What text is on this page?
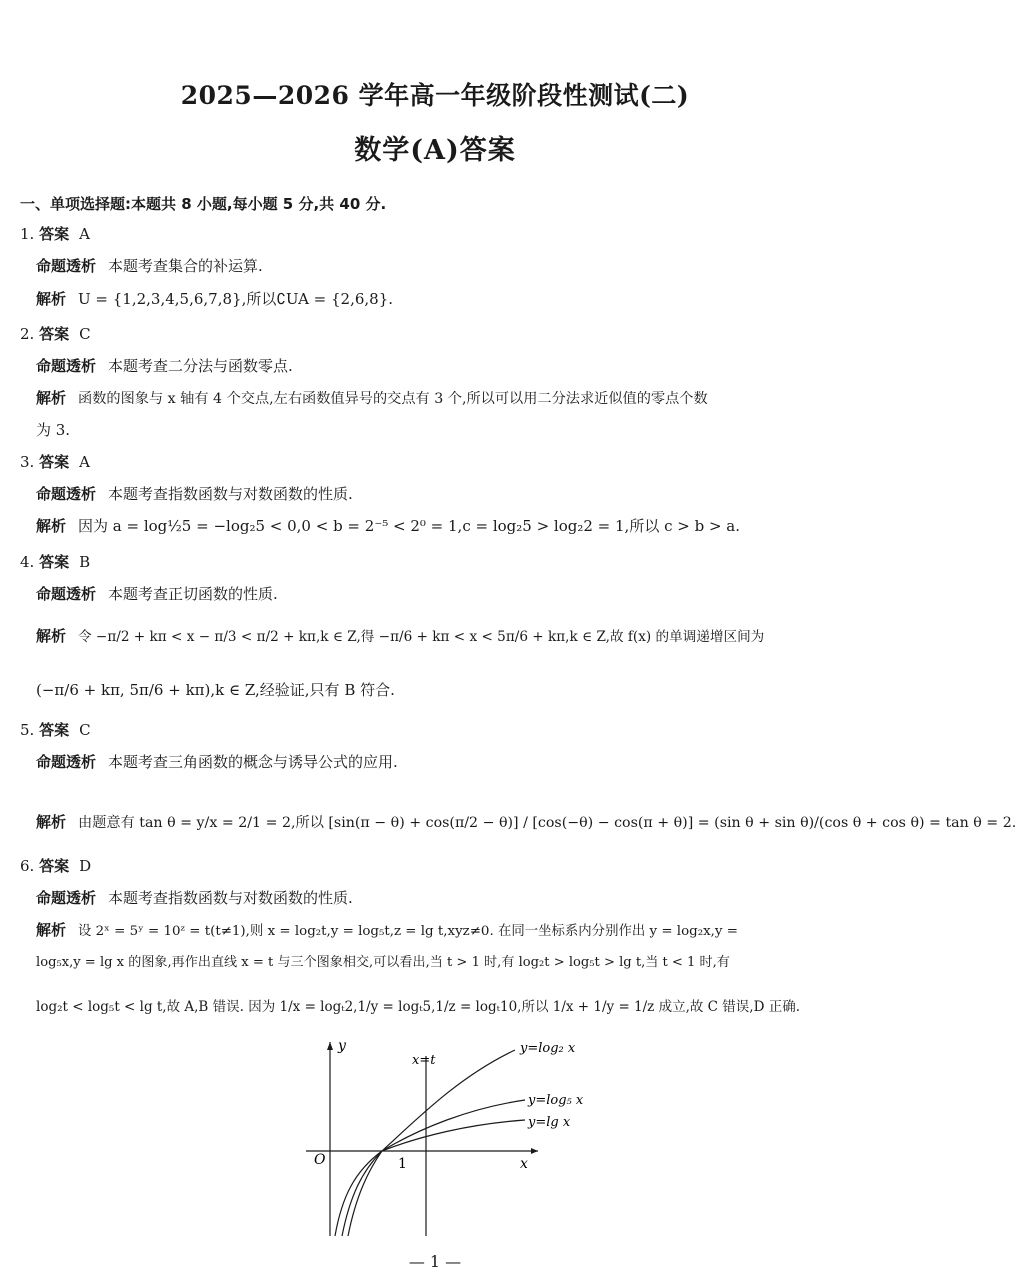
2025—2026 学年高一年级阶段性测试(二)
数学(A)答案
一、单项选择题:本题共 8 小题,每小题 5 分,共 40 分.
1. 答案 A
命题透析 本题考查集合的补运算.
解析 U = {1,2,3,4,5,6,7,8},所以∁UA = {2,6,8}.
2. 答案 C
命题透析 本题考查二分法与函数零点.
解析 函数的图象与 x 轴有 4 个交点,左右函数值异号的交点有 3 个,所以可以用二分法求近似值的零点个数
为 3.
3. 答案 A
命题透析 本题考查指数函数与对数函数的性质.
解析 因为 a = log½5 = −log₂5 < 0,0 < b = 2⁻⁵ < 2⁰ = 1,c = log₂5 > log₂2 = 1,所以 c > b > a.
4. 答案 B
命题透析 本题考查正切函数的性质.
解析 令 −π/2 + kπ < x − π/3 < π/2 + kπ,k ∈ Z,得 −π/6 + kπ < x < 5π/6 + kπ,k ∈ Z,故 f(x) 的单调递增区间为
(−π/6 + kπ, 5π/6 + kπ),k ∈ Z,经验证,只有 B 符合.
5. 答案 C
命题透析 本题考查三角函数的概念与诱导公式的应用.
解析 由题意有 tan θ = y/x = 2/1 = 2,所以 [sin(π − θ) + cos(π/2 − θ)] / [cos(−θ) − cos(π + θ)] = (sin θ + sin θ)/(cos θ + cos θ) = tan θ = 2.
6. 答案 D
命题透析 本题考查指数函数与对数函数的性质.
解析 设 2ˣ = 5ʸ = 10ᶻ = t(t≠1),则 x = log₂t,y = log₅t,z = lg t,xyz≠0. 在同一坐标系内分别作出 y = log₂x,y =
log₅x,y = lg x 的图象,再作出直线 x = t 与三个图象相交,可以看出,当 t > 1 时,有 log₂t > log₅t > lg t,当 t < 1 时,有
log₂t < log₅t < lg t,故 A,B 错误. 因为 1/x = logₜ2,1/y = logₜ5,1/z = logₜ10,所以 1/x + 1/y = 1/z 成立,故 C 错误,D 正确.
y
x
O	1
x=t
y=log₂ x
y=log₅ x
y=lg x
— 1 —
